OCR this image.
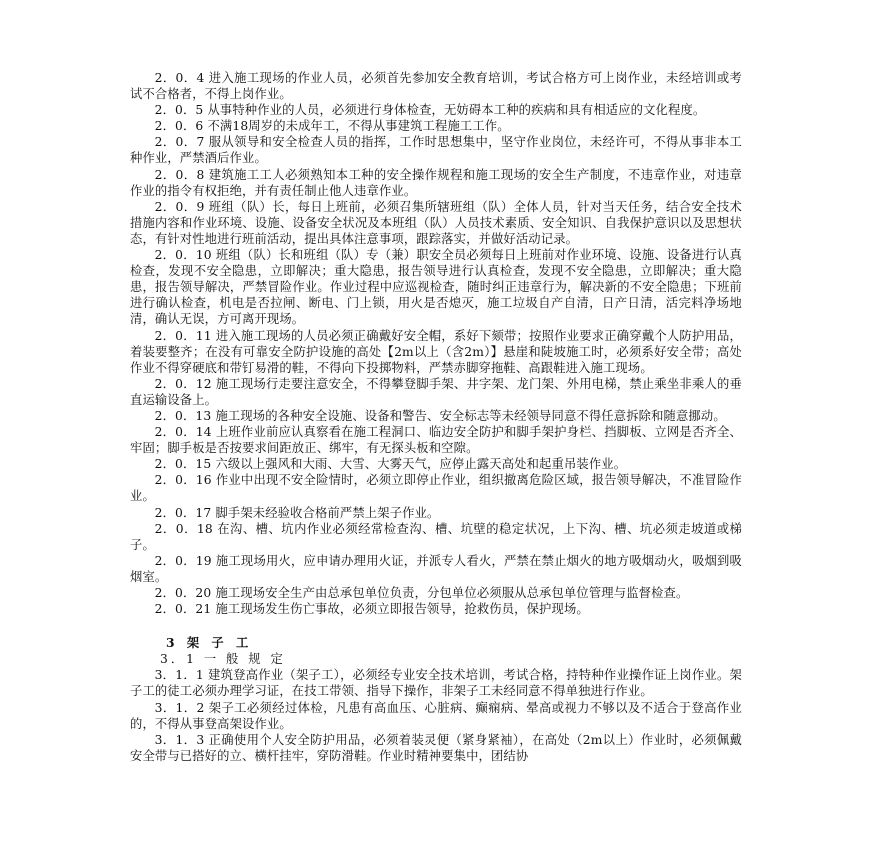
2．0．4 进入施工现场的作业人员，必须首先参加安全教育培训，考试合格方可上岗作业，未经培训或考试不合格者，不得上岗作业。

2．0．5 从事特种作业的人员，必须进行身体检查，无妨碍本工种的疾病和具有相适应的文化程度。

2．0．6 不满18周岁的未成年工，不得从事建筑工程施工工作。

2．0．7 服从领导和安全检查人员的指挥，工作时思想集中，坚守作业岗位，未经许可，不得从事非本工种作业，严禁酒后作业。

2．0．8 建筑施工工人必须熟知本工种的安全操作规程和施工现场的安全生产制度，不违章作业，对违章作业的指令有权拒绝，并有责任制止他人违章作业。

2．0．9 班组（队）长，每日上班前，必须召集所辖班组（队）全体人员，针对当天任务，结合安全技术措施内容和作业环境、设施、设备安全状况及本班组（队）人员技术素质、安全知识、自我保护意识以及思想状态，有针对性地进行班前活动，提出具体注意事项，跟踪落实，并做好活动记录。

2．0．10 班组（队）长和班组（队）专（兼）职安全员必须每日上班前对作业环境、设施、设备进行认真检查，发现不安全隐患，立即解决；重大隐患，报告领导进行认真检查，发现不安全隐患，立即解决；重大隐患，报告领导解决，严禁冒险作业。作业过程中应巡视检查，随时纠正违章行为，解决新的不安全隐患；下班前进行确认检查，机电是否拉闸、断电、门上锁，用火是否熄灭，施工垃圾自产自清，日产日清，活完料净场地清，确认无误，方可离开现场。

2．0．11 进入施工现场的人员必须正确戴好安全帽，系好下颏带；按照作业要求正确穿戴个人防护用品，着装要整齐；在没有可靠安全防护设施的高处【2m以上（含2m）】悬崖和陡坡施工时，必须系好安全带；高处作业不得穿硬底和带钉易滑的鞋，不得向下投掷物料，严禁赤脚穿拖鞋、高跟鞋进入施工现场。

2．0．12 施工现场行走要注意安全，不得攀登脚手架、井字架、龙门架、外用电梯，禁止乘坐非乘人的垂直运输设备上。

2．0．13 施工现场的各种安全设施、设备和警告、安全标志等未经领导同意不得任意拆除和随意挪动。

2．0．14 上班作业前应认真察看在施工程洞口、临边安全防护和脚手架护身栏、挡脚板、立网是否齐全、牢固；脚手板是否按要求间距放正、绑牢，有无探头板和空隙。

2．0．15 六级以上强风和大雨、大雪、大雾天气，应停止露天高处和起重吊装作业。

2．0．16 作业中出现不安全险情时，必须立即停止作业，组织撤离危险区域，报告领导解决，不准冒险作业。

2．0．17 脚手架未经验收合格前严禁上架子作业。

2．0．18 在沟、槽、坑内作业必须经常检查沟、槽、坑壁的稳定状况，上下沟、槽、坑必须走坡道或梯子。

2．0．19 施工现场用火，应申请办理用火证，并派专人看火，严禁在禁止烟火的地方吸烟动火，吸烟到吸烟室。

2．0．20 施工现场安全生产由总承包单位负责，分包单位必须服从总承包单位管理与监督检查。

2．0．21 施工现场发生伤亡事故，必须立即报告领导，抢救伤员，保护现场。

3 架 子 工

3．1 一 般 规 定

3．1．1 建筑登高作业（架子工），必须经专业安全技术培训，考试合格，持特种作业操作证上岗作业。架子工的徒工必须办理学习证，在技工带领、指导下操作，非架子工未经同意不得单独进行作业。

3．1．2 架子工必须经过体检，凡患有高血压、心脏病、癫痫病、晕高或视力不够以及不适合于登高作业的，不得从事登高架设作业。

3．1．3 正确使用个人安全防护用品，必须着装灵便（紧身紧袖），在高处（2m以上）作业时，必须佩戴安全带与已搭好的立、横杆挂牢，穿防滑鞋。作业时精神要集中，团结协
